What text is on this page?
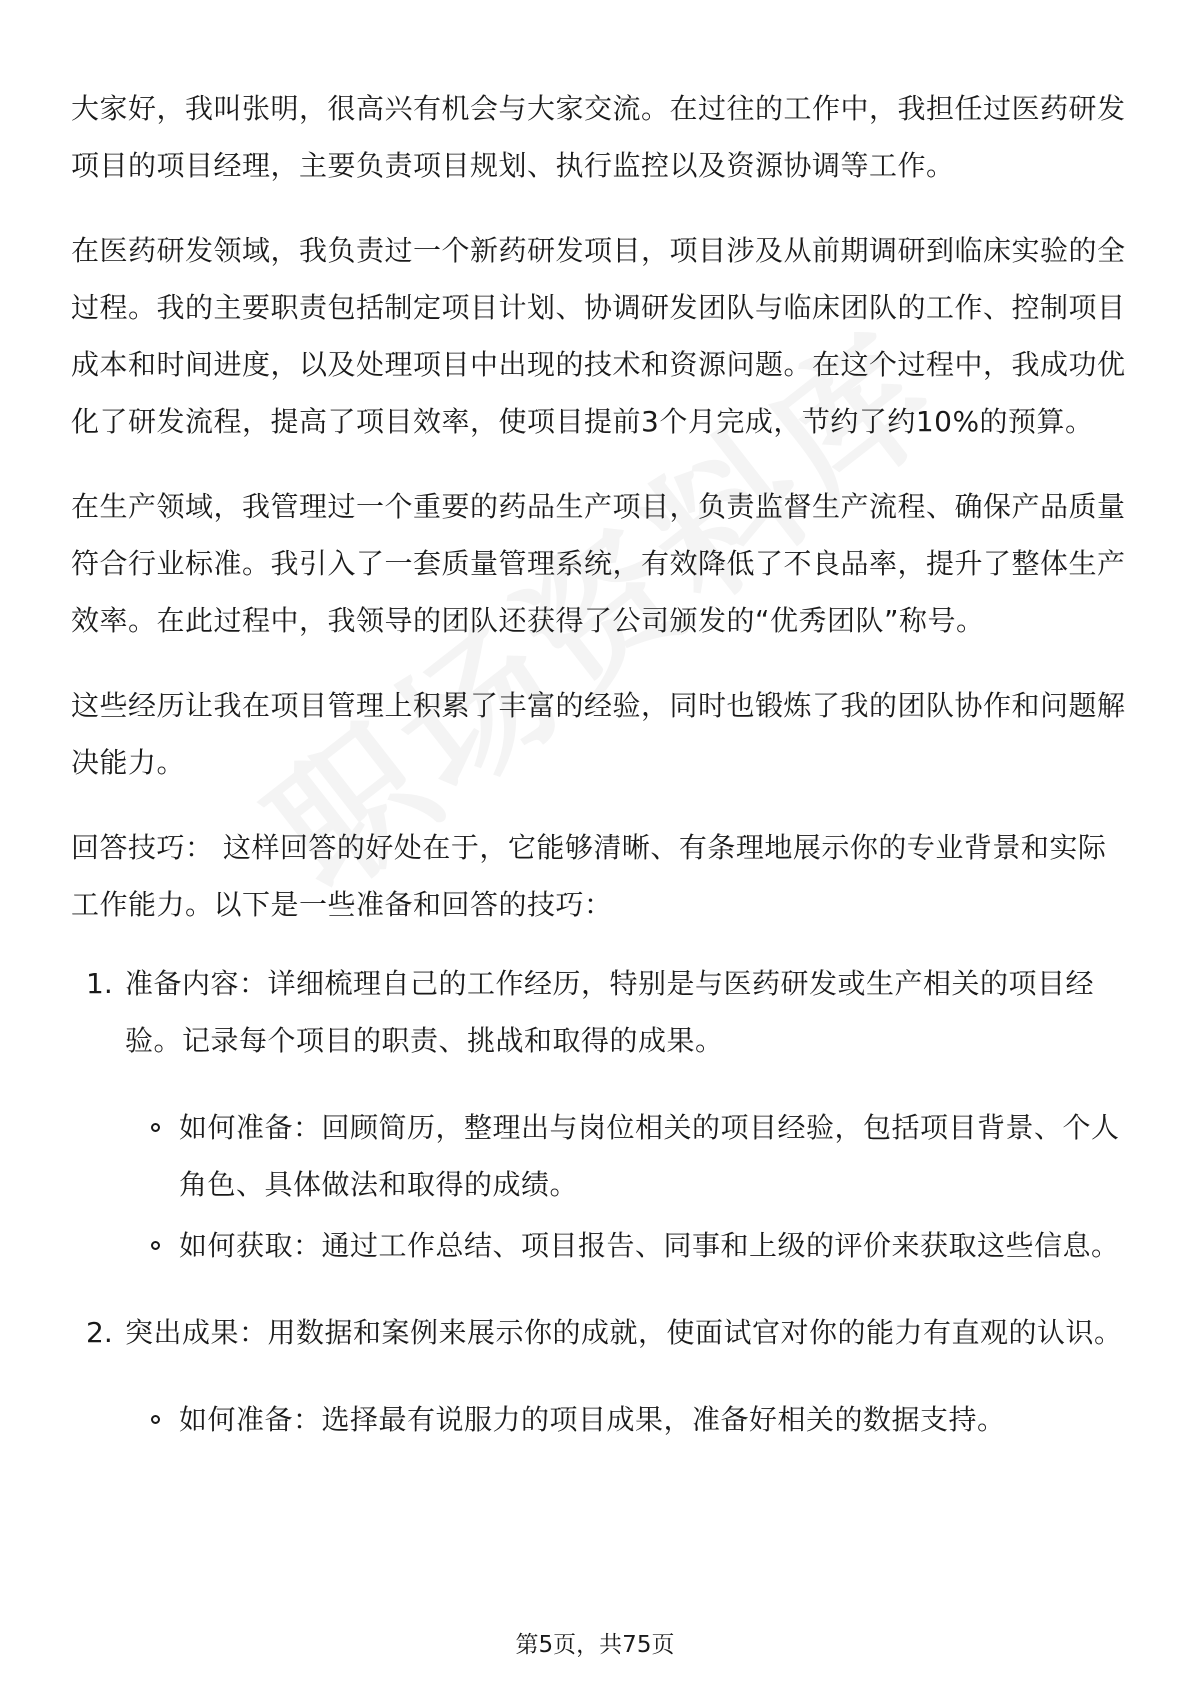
大家好，我叫张明，很高兴有机会与大家交流。在过往的工作中，我担任过医药研发项目的项目经理，主要负责项目规划、执行监控以及资源协调等工作。

在医药研发领域，我负责过一个新药研发项目，项目涉及从前期调研到临床实验的全过程。我的主要职责包括制定项目计划、协调研发团队与临床团队的工作、控制项目成本和时间进度，以及处理项目中出现的技术和资源问题。在这个过程中，我成功优化了研发流程，提高了项目效率，使项目提前3个月完成，节约了约10%的预算。

在生产领域，我管理过一个重要的药品生产项目，负责监督生产流程、确保产品质量符合行业标准。我引入了一套质量管理系统，有效降低了不良品率，提升了整体生产效率。在此过程中，我领导的团队还获得了公司颁发的“优秀团队”称号。

这些经历让我在项目管理上积累了丰富的经验，同时也锻炼了我的团队协作和问题解决能力。

回答技巧： 这样回答的好处在于，它能够清晰、有条理地展示你的专业背景和实际工作能力。以下是一些准备和回答的技巧：

1. 准备内容：详细梳理自己的工作经历，特别是与医药研发或生产相关的项目经验。记录每个项目的职责、挑战和取得的成果。
如何准备：回顾简历，整理出与岗位相关的项目经验，包括项目背景、个人角色、具体做法和取得的成绩。
如何获取：通过工作总结、项目报告、同事和上级的评价来获取这些信息。
2. 突出成果：用数据和案例来展示你的成就，使面试官对你的能力有直观的认识。
如何准备：选择最有说服力的项目成果，准备好相关的数据支持。
第5页，共75页
